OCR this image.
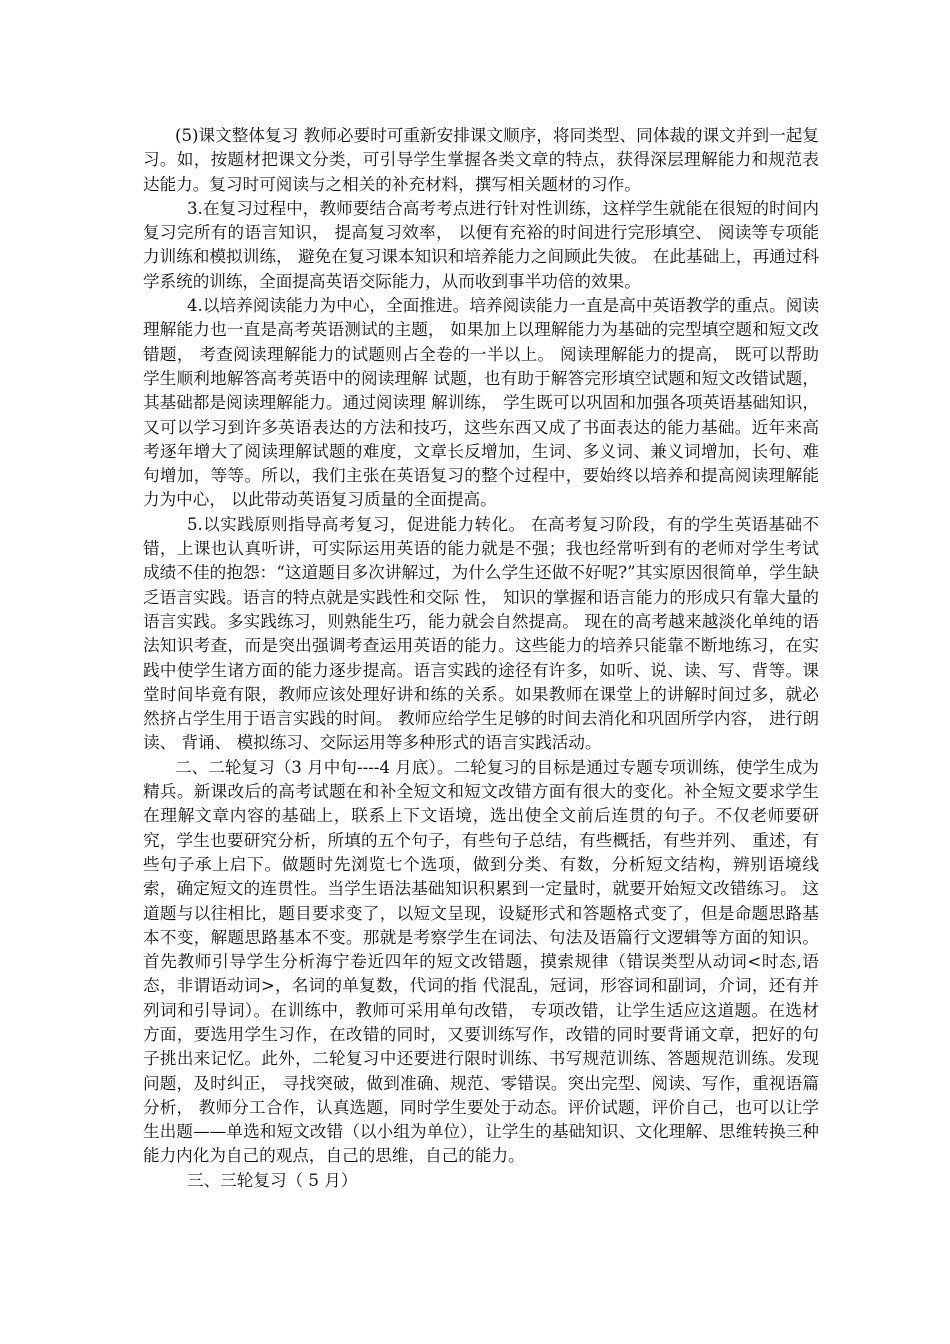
(5)课文整体复习 教师必要时可重新安排课文顺序，将同类型、同体裁的课文并到一起复习。如，按题材把课文分类，可引导学生掌握各类文章的特点，获得深层理解能力和规范表达能力。复习时可阅读与之相关的补充材料，撰写相关题材的习作。

3.在复习过程中，教师要结合高考考点进行针对性训练，这样学生就能在很短的时间内复习完所有的语言知识， 提高复习效率， 以便有充裕的时间进行完形填空、 阅读等专项能力训练和模拟训练， 避免在复习课本知识和培养能力之间顾此失彼。 在此基础上，再通过科学系统的训练，全面提高英语交际能力，从而收到事半功倍的效果。

4.以培养阅读能力为中心，全面推进。培养阅读能力一直是高中英语教学的重点。阅读理解能力也一直是高考英语测试的主题， 如果加上以理解能力为基础的完型填空题和短文改错题， 考查阅读理解能力的试题则占全卷的一半以上。 阅读理解能力的提高， 既可以帮助学生顺利地解答高考英语中的阅读理解 试题，也有助于解答完形填空试题和短文改错试题，其基础都是阅读理解能力。通过阅读理 解训练， 学生既可以巩固和加强各项英语基础知识， 又可以学习到许多英语表达的方法和技巧，这些东西又成了书面表达的能力基础。近年来高考逐年增大了阅读理解试题的难度，文章长反增加，生词、多义词、兼义词增加，长句、难句增加，等等。所以，我们主张在英语复习的整个过程中，要始终以培养和提高阅读理解能力为中心， 以此带动英语复习质量的全面提高。

5.以实践原则指导高考复习，促进能力转化。 在高考复习阶段，有的学生英语基础不错，上课也认真听讲，可实际运用英语的能力就是不强；我也经常听到有的老师对学生考试成绩不佳的抱怨：“这道题目多次讲解过，为什么学生还做不好呢?”其实原因很简单，学生缺乏语言实践。语言的特点就是实践性和交际 性， 知识的掌握和语言能力的形成只有靠大量的语言实践。多实践练习，则熟能生巧，能力就会自然提高。 现在的高考越来越淡化单纯的语法知识考查，而是突出强调考查运用英语的能力。这些能力的培养只能靠不断地练习，在实践中使学生诸方面的能力逐步提高。语言实践的途径有许多，如听、说、读、写、背等。课堂时间毕竟有限，教师应该处理好讲和练的关系。如果教师在课堂上的讲解时间过多，就必然挤占学生用于语言实践的时间。 教师应给学生足够的时间去消化和巩固所学内容， 进行朗读、 背诵、 模拟练习、交际运用等多种形式的语言实践活动。

二、二轮复习（3 月中旬----4 月底）。二轮复习的目标是通过专题专项训练，使学生成为精兵。新课改后的高考试题在和补全短文和短文改错方面有很大的变化。补全短文要求学生在理解文章内容的基础上，联系上下文语境，选出使全文前后连贯的句子。不仅老师要研究，学生也要研究分析，所填的五个句子，有些句子总结，有些概括，有些并列、 重述，有些句子承上启下。做题时先浏览七个选项，做到分类、有数，分析短文结构，辨别语境线索，确定短文的连贯性。当学生语法基础知识积累到一定量时，就要开始短文改错练习。 这道题与以往相比，题目要求变了，以短文呈现，设疑形式和答题格式变了，但是命题思路基本不变，解题思路基本不变。那就是考察学生在词法、句法及语篇行文逻辑等方面的知识。首先教师引导学生分析海宁卷近四年的短文改错题，摸索规律（错误类型从动词<时态,语态，非谓语动词>，名词的单复数，代词的指 代混乱，冠词，形容词和副词，介词，还有并列词和引导词）。在训练中，教师可采用单句改错， 专项改错，让学生适应这道题。在选材方面，要选用学生习作，在改错的同时，又要训练写作，改错的同时要背诵文章，把好的句子挑出来记忆。此外，二轮复习中还要进行限时训练、书写规范训练、答题规范训练。发现问题，及时纠正， 寻找突破，做到准确、规范、零错误。突出完型、阅读、写作，重视语篇分析， 教师分工合作，认真选题，同时学生要处于动态。评价试题，评价自己，也可以让学生出题——单选和短文改错（以小组为单位），让学生的基础知识、文化理解、思维转换三种能力内化为自己的观点，自己的思维，自己的能力。

三、三轮复习（ 5 月）
